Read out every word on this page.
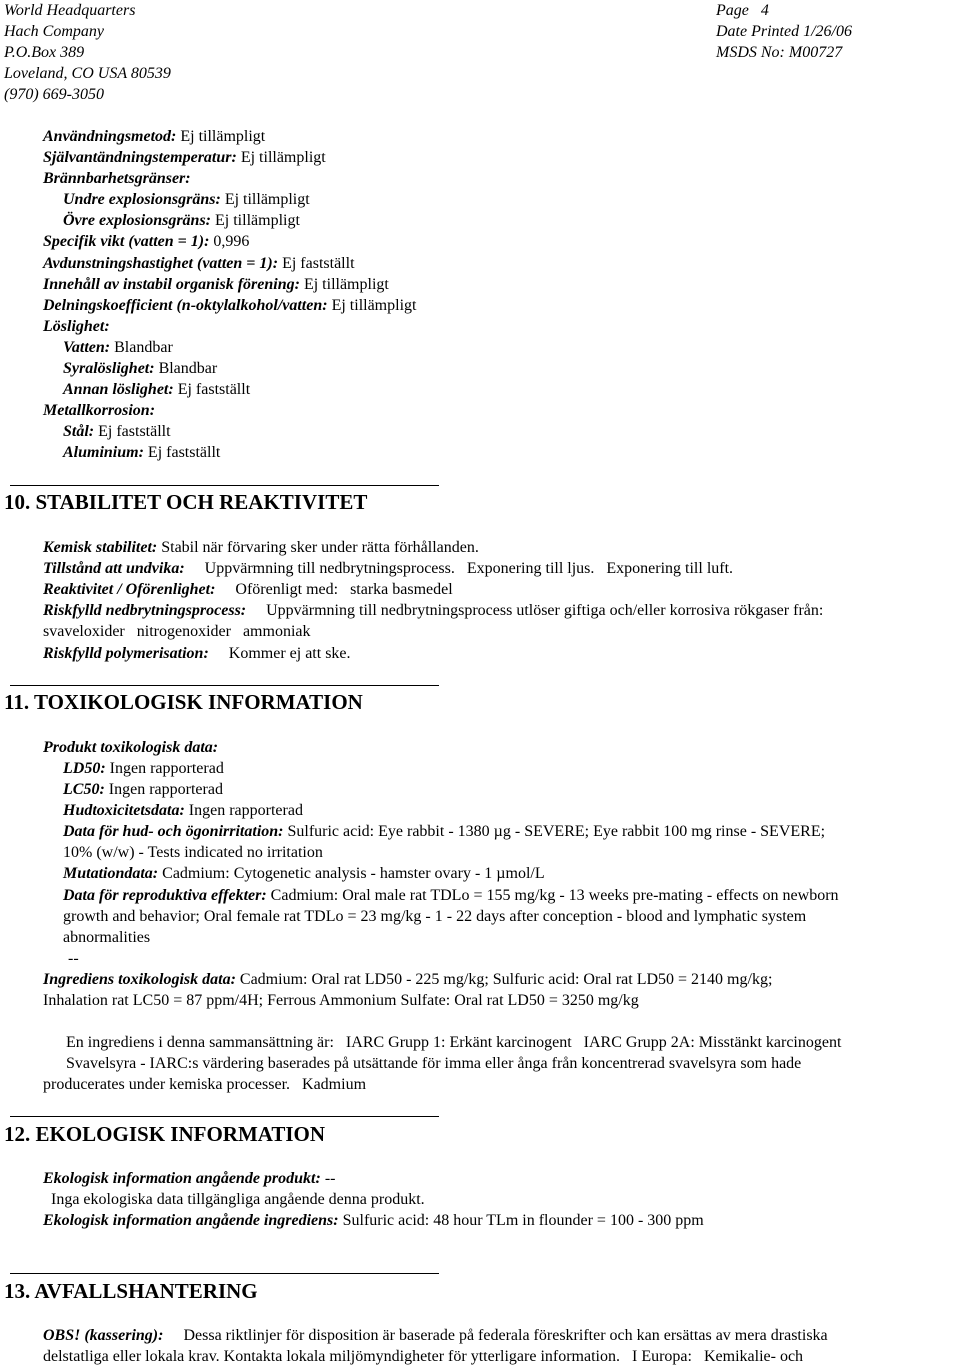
World Headquarters
Hach Company
P.O.Box 389
Loveland, CO USA 80539
(970) 669-3050
Page   4
Date Printed 1/26/06
MSDS No: M00727
Användningsmetod: Ej tillämpligt
Självantändningstemperatur: Ej tillämpligt
Brännbarhetsgränser:
Undre explosionsgräns: Ej tillämpligt
Övre explosionsgräns: Ej tillämpligt
Specifik vikt (vatten = 1): 0,996
Avdunstningshastighet (vatten = 1): Ej fastställt
Innehåll av instabil organisk förening: Ej tillämpligt
Delningskoefficient (n-oktylalkohol/vatten: Ej tillämpligt
Löslighet:
Vatten: Blandbar
Syralöslighet: Blandbar
Annan löslighet: Ej fastställt
Metallkorrosion:
Stål: Ej fastställt
Aluminium: Ej fastställt
10. STABILITET OCH REAKTIVITET
Kemisk stabilitet: Stabil när förvaring sker under rätta förhållanden.
Tillstånd att undvika:     Uppvärmning till nedbrytningsprocess.   Exponering till ljus.   Exponering till luft.
Reaktivitet / Oförenlighet:     Oförenligt med:   starka basmedel
Riskfylld nedbrytningsprocess:     Uppvärmning till nedbrytningsprocess utlöser giftiga och/eller korrosiva rökgaser från:
svaveloxider   nitrogenoxider   ammoniak
Riskfylld polymerisation:     Kommer ej att ske.
11. TOXIKOLOGISK INFORMATION
Produkt toxikologisk data:
LD50: Ingen rapporterad
LC50: Ingen rapporterad
Hudtoxicitetsdata: Ingen rapporterad
Data för hud- och ögonirritation: Sulfuric acid: Eye rabbit - 1380 µg - SEVERE; Eye rabbit 100 mg rinse - SEVERE;
10% (w/w) - Tests indicated no irritation
Mutationdata: Cadmium: Cytogenetic analysis - hamster ovary - 1 µmol/L
Data för reproduktiva effekter: Cadmium: Oral male rat TDLo = 155 mg/kg - 13 weeks pre-mating - effects on newborn
growth and behavior; Oral female rat TDLo = 23 mg/kg - 1 - 22 days after conception - blood and lymphatic system
abnormalities
--
Ingrediens toxikologisk data: Cadmium: Oral rat LD50 - 225 mg/kg; Sulfuric acid: Oral rat LD50 = 2140 mg/kg;
Inhalation rat LC50 = 87 ppm/4H; Ferrous Ammonium Sulfate: Oral rat LD50 = 3250 mg/kg
En ingrediens i denna sammansättning är:   IARC Grupp 1: Erkänt karcinogent   IARC Grupp 2A: Misstänkt karcinogent
Svavelsyra - IARC:s värdering baserades på utsättande för imma eller ånga från koncentrerad svavelsyra som hade
producerates under kemiska processer.   Kadmium
12. EKOLOGISK INFORMATION
Ekologisk information angående produkt: --
Inga ekologiska data tillgängliga angående denna produkt.
Ekologisk information angående ingrediens: Sulfuric acid: 48 hour TLm in flounder = 100 - 300 ppm
13. AVFALLSHANTERING
OBS! (kassering):     Dessa riktlinjer för disposition är baserade på federala föreskrifter och kan ersättas av mera drastiska
delstatliga eller lokala krav. Kontakta lokala miljömyndigheter för ytterligare information.   I Europa:   Kemikalie- och
